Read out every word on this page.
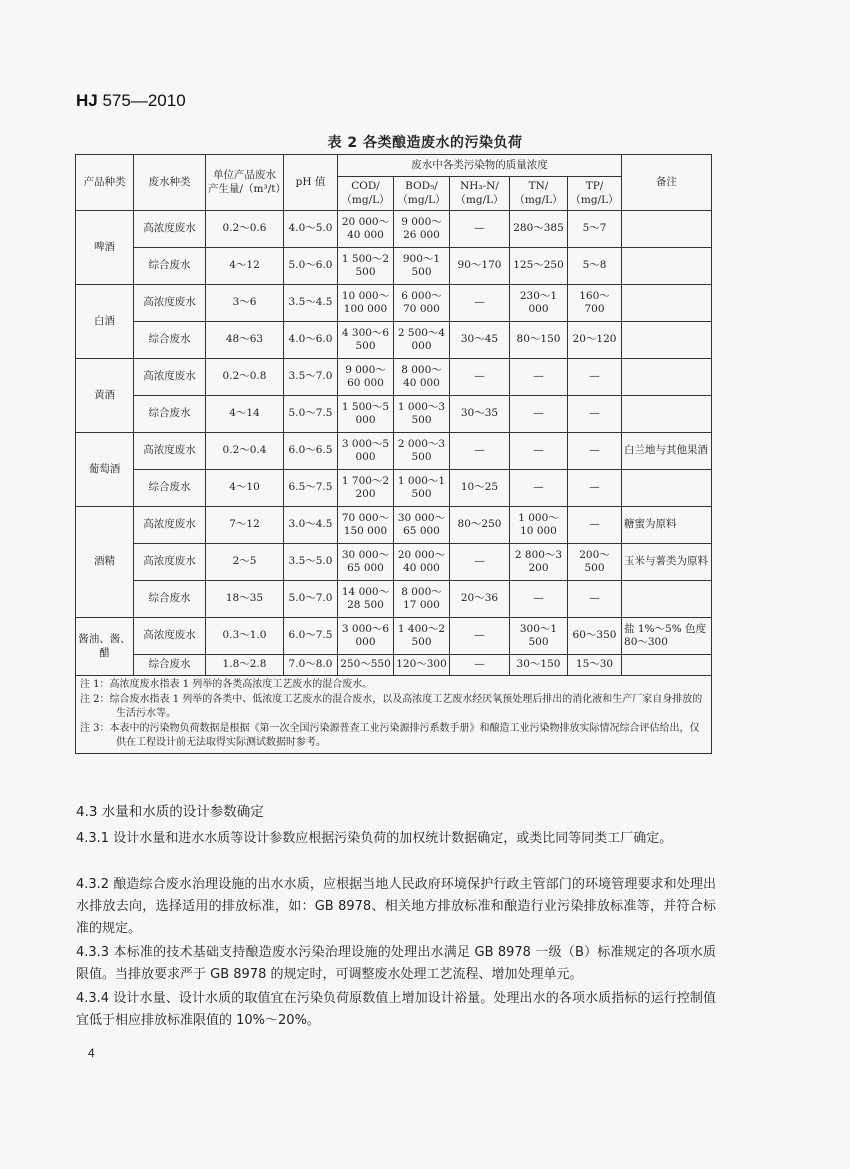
HJ 575—2010
表 2 各类酿造废水的污染负荷
产品种类	废水种类	单位产品废水产生量/（m³/t）	pH 值	废水中各类污染物的质量浓度					备注
				COD/（mg/L）	BOD₅/（mg/L）	NH₃-N/（mg/L）	TN/（mg/L）	TP/（mg/L）	
啤酒	高浓度废水	0.2～0.6	4.0～5.0	20 000～40 000	9 000～26 000	—	280～385	5～7	
	综合废水	4～12	5.0～6.0	1 500～2 500	900～1 500	90～170	125～250	5～8	
白酒	高浓度废水	3～6	3.5～4.5	10 000～100 000	6 000～70 000	—	230～1 000	160～700	
	综合废水	48～63	4.0～6.0	4 300～6 500	2 500～4 000	30～45	80～150	20～120	
黄酒	高浓度废水	0.2～0.8	3.5～7.0	9 000～60 000	8 000～40 000	—	—	—	
	综合废水	4～14	5.0～7.5	1 500～5 000	1 000～3 500	30～35	—	—	
葡萄酒	高浓度废水	0.2～0.4	6.0～6.5	3 000～5 000	2 000～3 500	—	—	—	白兰地与其他果酒
	综合废水	4～10	6.5～7.5	1 700～2 200	1 000～1 500	10～25	—	—	
酒精	高浓度废水	7～12	3.0～4.5	70 000～150 000	30 000～65 000	80～250	1 000～10 000	—	糖蜜为原料
	高浓度废水	2～5	3.5～5.0	30 000～65 000	20 000～40 000	—	2 800～3 200	200～500	玉米与薯类为原料
	综合废水	18～35	5.0～7.0	14 000～28 500	8 000～17 000	20～36	—	—	
酱油、酱、醋	高浓度废水	0.3～1.0	6.0～7.5	3 000～6 000	1 400～2 500	—	300～1 500	60～350	盐 1%～5% 色度 80～300
	综合废水	1.8～2.8	7.0～8.0	250～550	120～300	—	30～150	15～30	

注 1：高浓度废水指表 1 列举的各类高浓度工艺废水的混合废水。
注 2：综合废水指表 1 列举的各类中、低浓度工艺废水的混合废水，以及高浓度工艺废水经厌氧预处理后排出的消化液和生产厂家自身排放的生活污水等。
注 3：本表中的污染物负荷数据是根据《第一次全国污染源普查工业污染源排污系数手册》和酿造工业污染物排放实际情况综合评估给出，仅供在工程设计前无法取得实际测试数据时参考。									
4.3 水量和水质的设计参数确定
4.3.1 设计水量和进水水质等设计参数应根据污染负荷的加权统计数据确定，或类比同等同类工厂确定。
4.3.2 酿造综合废水治理设施的出水水质，应根据当地人民政府环境保护行政主管部门的环境管理要求和处理出水排放去向，选择适用的排放标准，如：GB 8978、相关地方排放标准和酿造行业污染排放标准等，并符合标准的规定。
4.3.3 本标准的技术基础支持酿造废水污染治理设施的处理出水满足 GB 8978 一级（B）标准规定的各项水质限值。当排放要求严于 GB 8978 的规定时，可调整废水处理工艺流程、增加处理单元。
4.3.4 设计水量、设计水质的取值宜在污染负荷原数值上增加设计裕量。处理出水的各项水质指标的运行控制值宜低于相应排放标准限值的 10%～20%。
4
